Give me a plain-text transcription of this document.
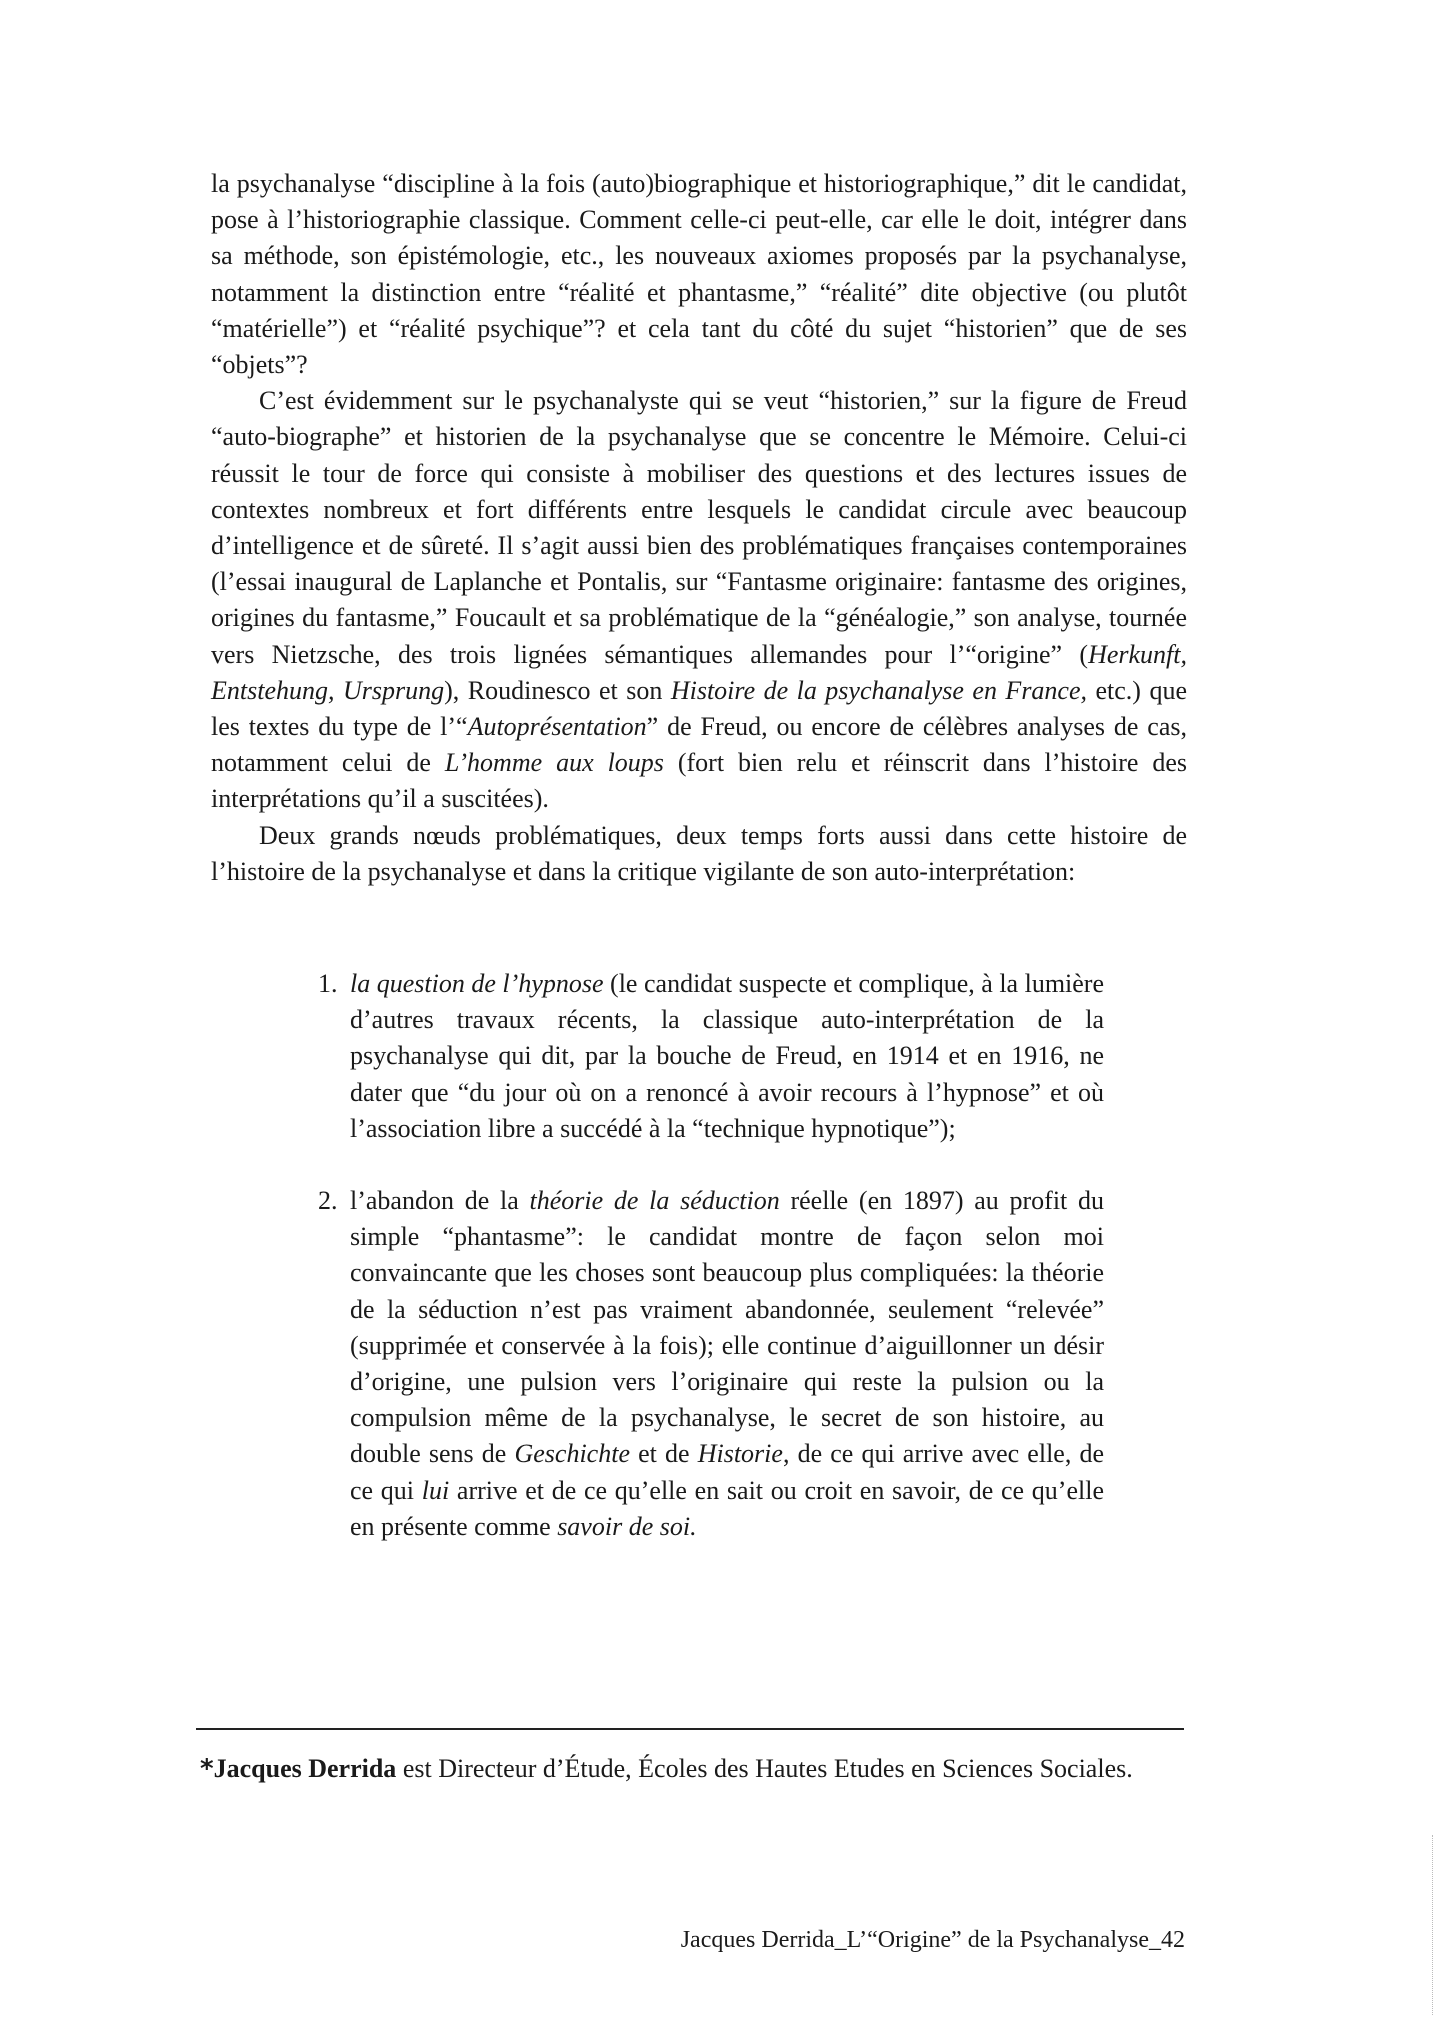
la psychanalyse “discipline à la fois (auto)biographique et historiographique,” dit le candidat, pose à l’historiographie classique. Comment celle-ci peut-elle, car elle le doit, intégrer dans sa méthode, son épistémologie, etc., les nouveaux axiomes proposés par la psychanalyse, notamment la distinction entre “réalité et phantasme,” “réalité” dite objective (ou plutôt “matérielle”) et “réalité psychique”? et cela tant du côté du sujet “historien” que de ses “objets”?

C’est évidemment sur le psychanalyste qui se veut “historien,” sur la figure de Freud “auto-biographe” et historien de la psychanalyse que se concentre le Mémoire. Celui-ci réussit le tour de force qui consiste à mobiliser des questions et des lectures issues de contextes nombreux et fort différents entre lesquels le candidat circule avec beaucoup d’intelligence et de sûreté. Il s’agit aussi bien des problématiques françaises contemporaines (l’essai inaugural de Laplanche et Pontalis, sur “Fantasme originaire: fantasme des origines, origines du fantasme,” Foucault et sa problématique de la “généalogie,” son analyse, tournée vers Nietzsche, des trois lignées sémantiques allemandes pour l’“origine” (Herkunft, Entstehung, Ursprung), Roudinesco et son Histoire de la psychanalyse en France, etc.) que les textes du type de l’“Autoprésentation” de Freud, ou encore de célèbres analyses de cas, notamment celui de L’homme aux loups (fort bien relu et réinscrit dans l’histoire des interprétations qu’il a suscitées).

Deux grands nœuds problématiques, deux temps forts aussi dans cette histoire de l’histoire de la psychanalyse et dans la critique vigilante de son auto-interprétation:

1. la question de l’hypnose (le candidat suspecte et complique, à la lumière d’autres travaux récents, la classique auto-interprétation de la psychanalyse qui dit, par la bouche de Freud, en 1914 et en 1916, ne dater que “du jour où on a renoncé à avoir recours à l’hypnose” et où l’association libre a succédé à la “technique hypnotique”);
2. l’abandon de la théorie de la séduction réelle (en 1897) au profit du simple “phantasme”: le candidat montre de façon selon moi convaincante que les choses sont beaucoup plus compliquées: la théorie de la séduction n’est pas vraiment abandonnée, seulement “relevée” (supprimée et conservée à la fois); elle continue d’aiguillonner un désir d’origine, une pulsion vers l’originaire qui reste la pulsion ou la compulsion même de la psychanalyse, le secret de son histoire, au double sens de Geschichte et de Historie, de ce qui arrive avec elle, de ce qui lui arrive et de ce qu’elle en sait ou croit en savoir, de ce qu’elle en présente comme savoir de soi.
*Jacques Derrida est Directeur d’Étude, Écoles des Hautes Etudes en Sciences Sociales.
Jacques Derrida_L’“Origine” de la Psychanalyse_42
